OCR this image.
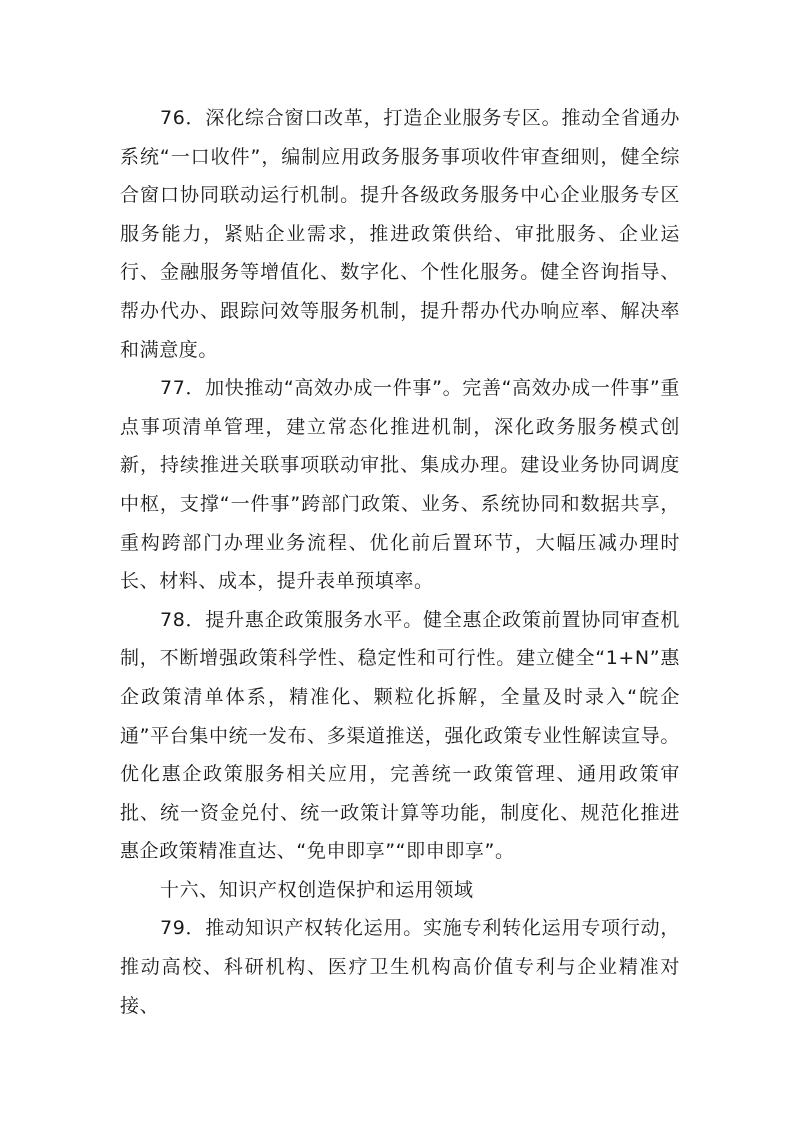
76．深化综合窗口改革，打造企业服务专区。推动全省通办系统“一口收件”，编制应用政务服务事项收件审查细则，健全综合窗口协同联动运行机制。提升各级政务服务中心企业服务专区服务能力，紧贴企业需求，推进政策供给、审批服务、企业运行、金融服务等增值化、数字化、个性化服务。健全咨询指导、帮办代办、跟踪问效等服务机制，提升帮办代办响应率、解决率和满意度。

77．加快推动“高效办成一件事”。完善“高效办成一件事”重点事项清单管理，建立常态化推进机制，深化政务服务模式创新，持续推进关联事项联动审批、集成办理。建设业务协同调度中枢，支撑“一件事”跨部门政策、业务、系统协同和数据共享，重构跨部门办理业务流程、优化前后置环节，大幅压减办理时长、材料、成本，提升表单预填率。

78．提升惠企政策服务水平。健全惠企政策前置协同审查机制，不断增强政策科学性、稳定性和可行性。建立健全“1+N”惠企政策清单体系，精准化、颗粒化拆解，全量及时录入“皖企通”平台集中统一发布、多渠道推送，强化政策专业性解读宣导。优化惠企政策服务相关应用，完善统一政策管理、通用政策审批、统一资金兑付、统一政策计算等功能，制度化、规范化推进惠企政策精准直达、“免申即享”“即申即享”。

十六、知识产权创造保护和运用领域

79．推动知识产权转化运用。实施专利转化运用专项行动，推动高校、科研机构、医疗卫生机构高价值专利与企业精准对接、
